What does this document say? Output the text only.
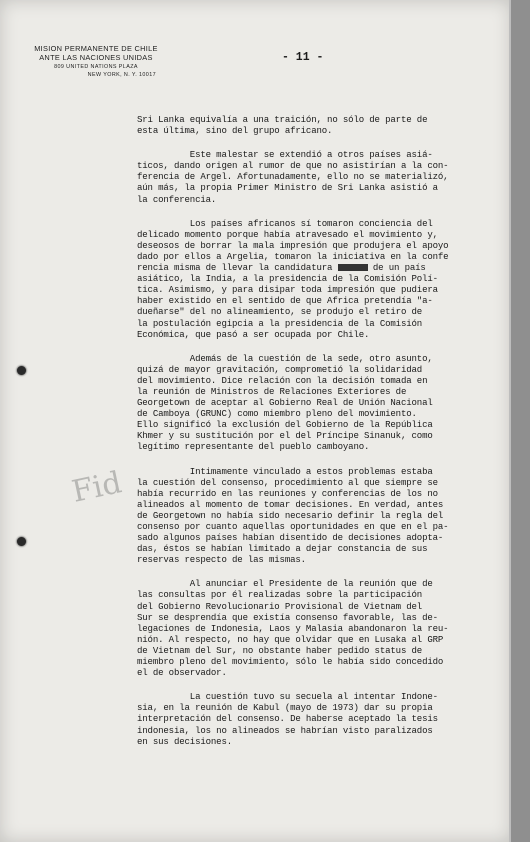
MISION PERMANENTE DE CHILE
ANTE LAS NACIONES UNIDAS
809 UNITED NATIONS PLAZA
NEW YORK, N. Y. 10017
- 11 -
Fid
Sri Lanka equivalía a una traición, no sólo de parte de
esta última, sino del grupo africano.
Este malestar se extendió a otros países asiá-
ticos, dando origen al rumor de que no asistirían a la con-
ferencia de Argel. Afortunadamente, ello no se materializó,
aún más, la propia Primer Ministro de Sri Lanka asistió a
la conferencia.
Los países africanos sí tomaron conciencia del
delicado momento porque había atravesado el movimiento y,
deseosos de borrar la mala impresión que produjera el apoyo
dado por ellos a Argelia, tomaron la iniciativa en la confe
rencia misma de llevar la candidatura	de un país
asiático, la India, a la presidencia de la Comisión Polí-
tica. Asimismo, y para disipar toda impresión que pudiera
haber existido en el sentido de que Africa pretendía "a-
dueñarse" del no alineamiento, se produjo el retiro de
la postulación egipcia a la presidencia de la Comisión
Económica, que pasó a ser ocupada por Chile.
Además de la cuestión de la sede, otro asunto,
quizá de mayor gravitación, comprometió la solidaridad
del movimiento. Dice relación con la decisión tomada en
la reunión de Ministros de Relaciones Exteriores de
Georgetown de aceptar al Gobierno Real de Unión Nacional
de Camboya (GRUNC) como miembro pleno del movimiento.
Ello significó la exclusión del Gobierno de la República
Khmer y su sustitución por el del Príncipe Sinanuk, como
legítimo representante del pueblo camboyano.
Intimamente vinculado a estos problemas estaba
la cuestión del consenso, procedimiento al que siempre se
había recurrido en las reuniones y conferencias de los no
alineados al momento de tomar decisiones. En verdad, antes
de Georgetown no había sido necesario definir la regla del
consenso por cuanto aquellas oportunidades en que en el pa-
sado algunos países habían disentido de decisiones adopta-
das, éstos se habían limitado a dejar constancia de sus
reservas respecto de las mismas.
Al anunciar el Presidente de la reunión que de
las consultas por él realizadas sobre la participación
del Gobierno Revolucionario Provisional de Vietnam del
Sur se desprendía que existía consenso favorable, las de-
legaciones de Indonesia, Laos y Malasia abandonaron la reu-
nión. Al respecto, no hay que olvidar que en Lusaka al GRP
de Vietnam del Sur, no obstante haber pedido status de
miembro pleno del movimiento, sólo le había sido concedido
el de observador.
La cuestión tuvo su secuela al intentar Indone-
sia, en la reunión de Kabul (mayo de 1973) dar su propia
interpretación del consenso. De haberse aceptado la tesis
indonesia, los no alineados se habrían visto paralizados
en sus decisiones.
